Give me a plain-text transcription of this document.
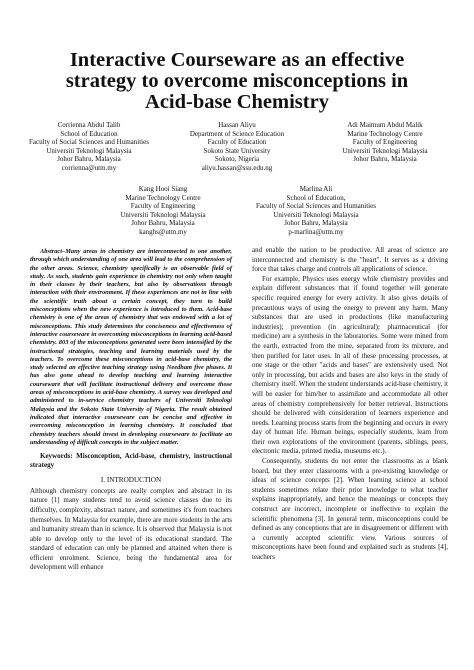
Interactive Courseware as an effective strategy to overcome misconceptions in Acid-base Chemistry
Corrienna Abdul Talib
School of Education
Faculty of Social Sciences and Humanities
Universiti Teknologi Malaysia
Johor Bahru, Malaysia
corrienna@utm.my
Hassan Aliyu
Department of Science Education
Faculty of Education
Sokoto State University
Sokoto, Nigeria
aliyu.hassan@ssu.edu.ng
Adi Maimum Abdul Malik
Marine Technology Centre
Faculty of Engineering
Universiti Teknologi Malaysia
Johor Bahru, Malaysia
Kang Hooi Siang
Marine Technology Centre
Faculty of Engineering
Universiti Teknologi Malaysia
Johor Bahru, Malaysia
kanghs@utm.my
Marlina Ali
School of Education,
Faculty of Social Sciences and Humanities
Universiti Teknologi Malaysia
Johor Bahru, Malaysia
p-marlina@utm.my

Abstract–Many areas in chemistry are interconnected to one another, through which understanding of one area will lead to the comprehension of the other areas. Science, chemistry specifically is an observable field of study. As such, students gain experience in chemistry not only when taught in their classes by their teachers, but also by observations through interaction with their environment. If these experiences are not in line with the scientific truth about a certain concept, they turn to build misconceptions when the new experience is introduced to them. Acid-base chemistry is one of the areas of chemistry that was endowed with a lot of misconceptions. This study determines the conciseness and effectiveness of interactive courseware in overcoming misconceptions in learning acid-based chemistry. 803 of the misconceptions generated were been intensified by the instructional strategies, teaching and learning materials used by the teachers. To overcome these misconceptions in acid-base chemistry, the study selected an effective teaching strategy using Needham five phases. It has also gone ahead to develop teaching and learning interactive courseware that will facilitate instructional delivery and overcome those areas of misconceptions in acid-base chemistry. A survey was developed and administered to in-service chemistry teachers of Universiti Teknologi Malaysia and the Sokoto State University of Nigeria. The result obtained indicated that interactive courseware can be concise and effective in overcoming misconception in learning chemistry. It concluded that chemistry teachers should invest in developing courseware to facilitate an understanding of difficult concepts in the subject matter.

Keywords: Misconception, Acid-base, chemistry, instructional strategy

I. INTRODUCTION

Although chemistry concepts are really complex and abstract in its nature [1] many students tend to avoid science classes due to its difficulty, complexity, abstract nature, and sometimes it's from teachers themselves. In Malaysia for example, there are more students in the arts and humanity stream than in science. It is observed that Malaysia is not able to develop only to the level of its educational standard. The standard of education can only be planned and attained when there is efficient enrolment. Science, being the fundamental area for development will enhance

and enable the nation to be productive. All areas of science are interconnected and chemistry is the "heart". It serves as a driving force that takes charge and controls all applications of science.

For example, Physics uses energy while chemistry provides and explain different substances that if found together will generate specific required energy for every activity. It also gives details of precautious ways of using the energy to prevent any harm. Many substances that are used in productions (like manufacturing industries); prevention (in agricultural); pharmaceutical (for medicine) are a synthesis in the laboratories. Some were mined from the earth, extracted from the mine, separated from its mixture, and then purified for later uses. In all of these processing processes, at one stage or the other "acids and bases" are extensively used. Not only in processing, but acids and bases are also keys in the study of chemistry itself. When the student understands acid-base chemistry, it will be easier for him/her to assimilate and accommodate all other areas of chemistry comprehensively for better retrieval. Instructions should be delivered with consideration of learners experience and needs. Learning process starts from the beginning and occurs in every day of human life. Human beings, especially students, learn from their own explorations of the environment (parents, siblings, peers, electronic media, printed media, museums etc.).

Consequently, students do not enter the classrooms as a blank board, but they enter classrooms with a pre-existing knowledge or ideas of science concepts [2]. When learning science at school students sometimes relate their prior knowledge to what teacher explains inappropriately, and hence the meanings or concepts they construct are incorrect, incomplete or ineffective to explain the scientific phenomena [3]. In general term, misconceptions could be defined as any conceptions that are in disagreement or different with a currently accepted scientific view. Various sources of misconceptions have been found and explained such as students [4], teachers
